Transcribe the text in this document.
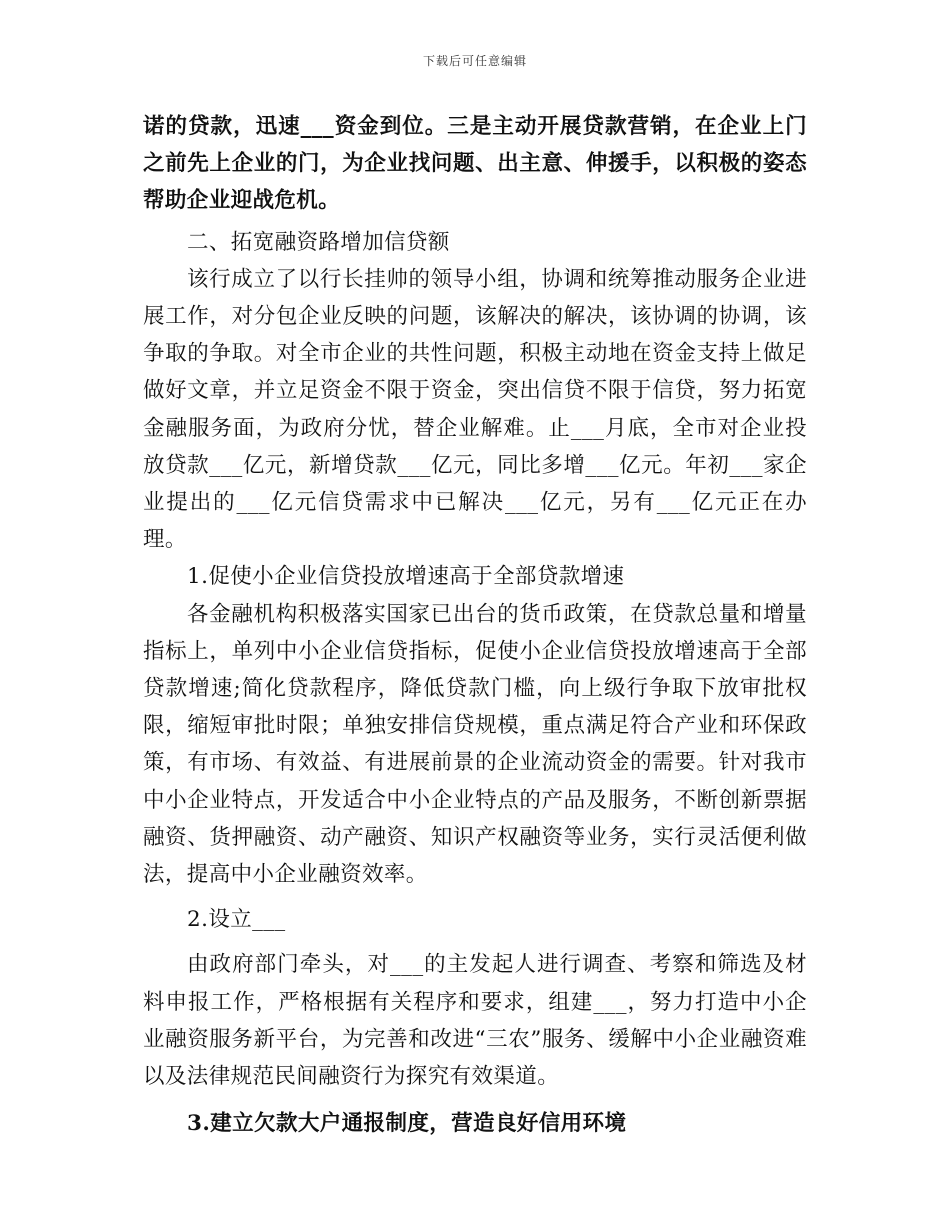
下载后可任意编辑

诺的贷款，迅速___资金到位。三是主动开展贷款营销，在企业上门之前先上企业的门，为企业找问题、出主意、伸援手，以积极的姿态帮助企业迎战危机。

二、拓宽融资路增加信贷额

该行成立了以行长挂帅的领导小组，协调和统筹推动服务企业进展工作，对分包企业反映的问题，该解决的解决，该协调的协调，该争取的争取。对全市企业的共性问题，积极主动地在资金支持上做足做好文章，并立足资金不限于资金，突出信贷不限于信贷，努力拓宽金融服务面，为政府分忧，替企业解难。止___月底，全市对企业投放贷款___亿元，新增贷款___亿元，同比多增___亿元。年初___家企业提出的___亿元信贷需求中已解决___亿元，另有___亿元正在办理。

1.促使小企业信贷投放增速高于全部贷款增速

各金融机构积极落实国家已出台的货币政策，在贷款总量和增量指标上，单列中小企业信贷指标，促使小企业信贷投放增速高于全部贷款增速;简化贷款程序，降低贷款门槛，向上级行争取下放审批权限，缩短审批时限；单独安排信贷规模，重点满足符合产业和环保政策，有市场、有效益、有进展前景的企业流动资金的需要。针对我市中小企业特点，开发适合中小企业特点的产品及服务，不断创新票据融资、货押融资、动产融资、知识产权融资等业务，实行灵活便利做法，提高中小企业融资效率。

2.设立___

由政府部门牵头，对___的主发起人进行调查、考察和筛选及材料申报工作，严格根据有关程序和要求，组建___，努力打造中小企业融资服务新平台，为完善和改进“三农”服务、缓解中小企业融资难以及法律规范民间融资行为探究有效渠道。

3.建立欠款大户通报制度，营造良好信用环境
